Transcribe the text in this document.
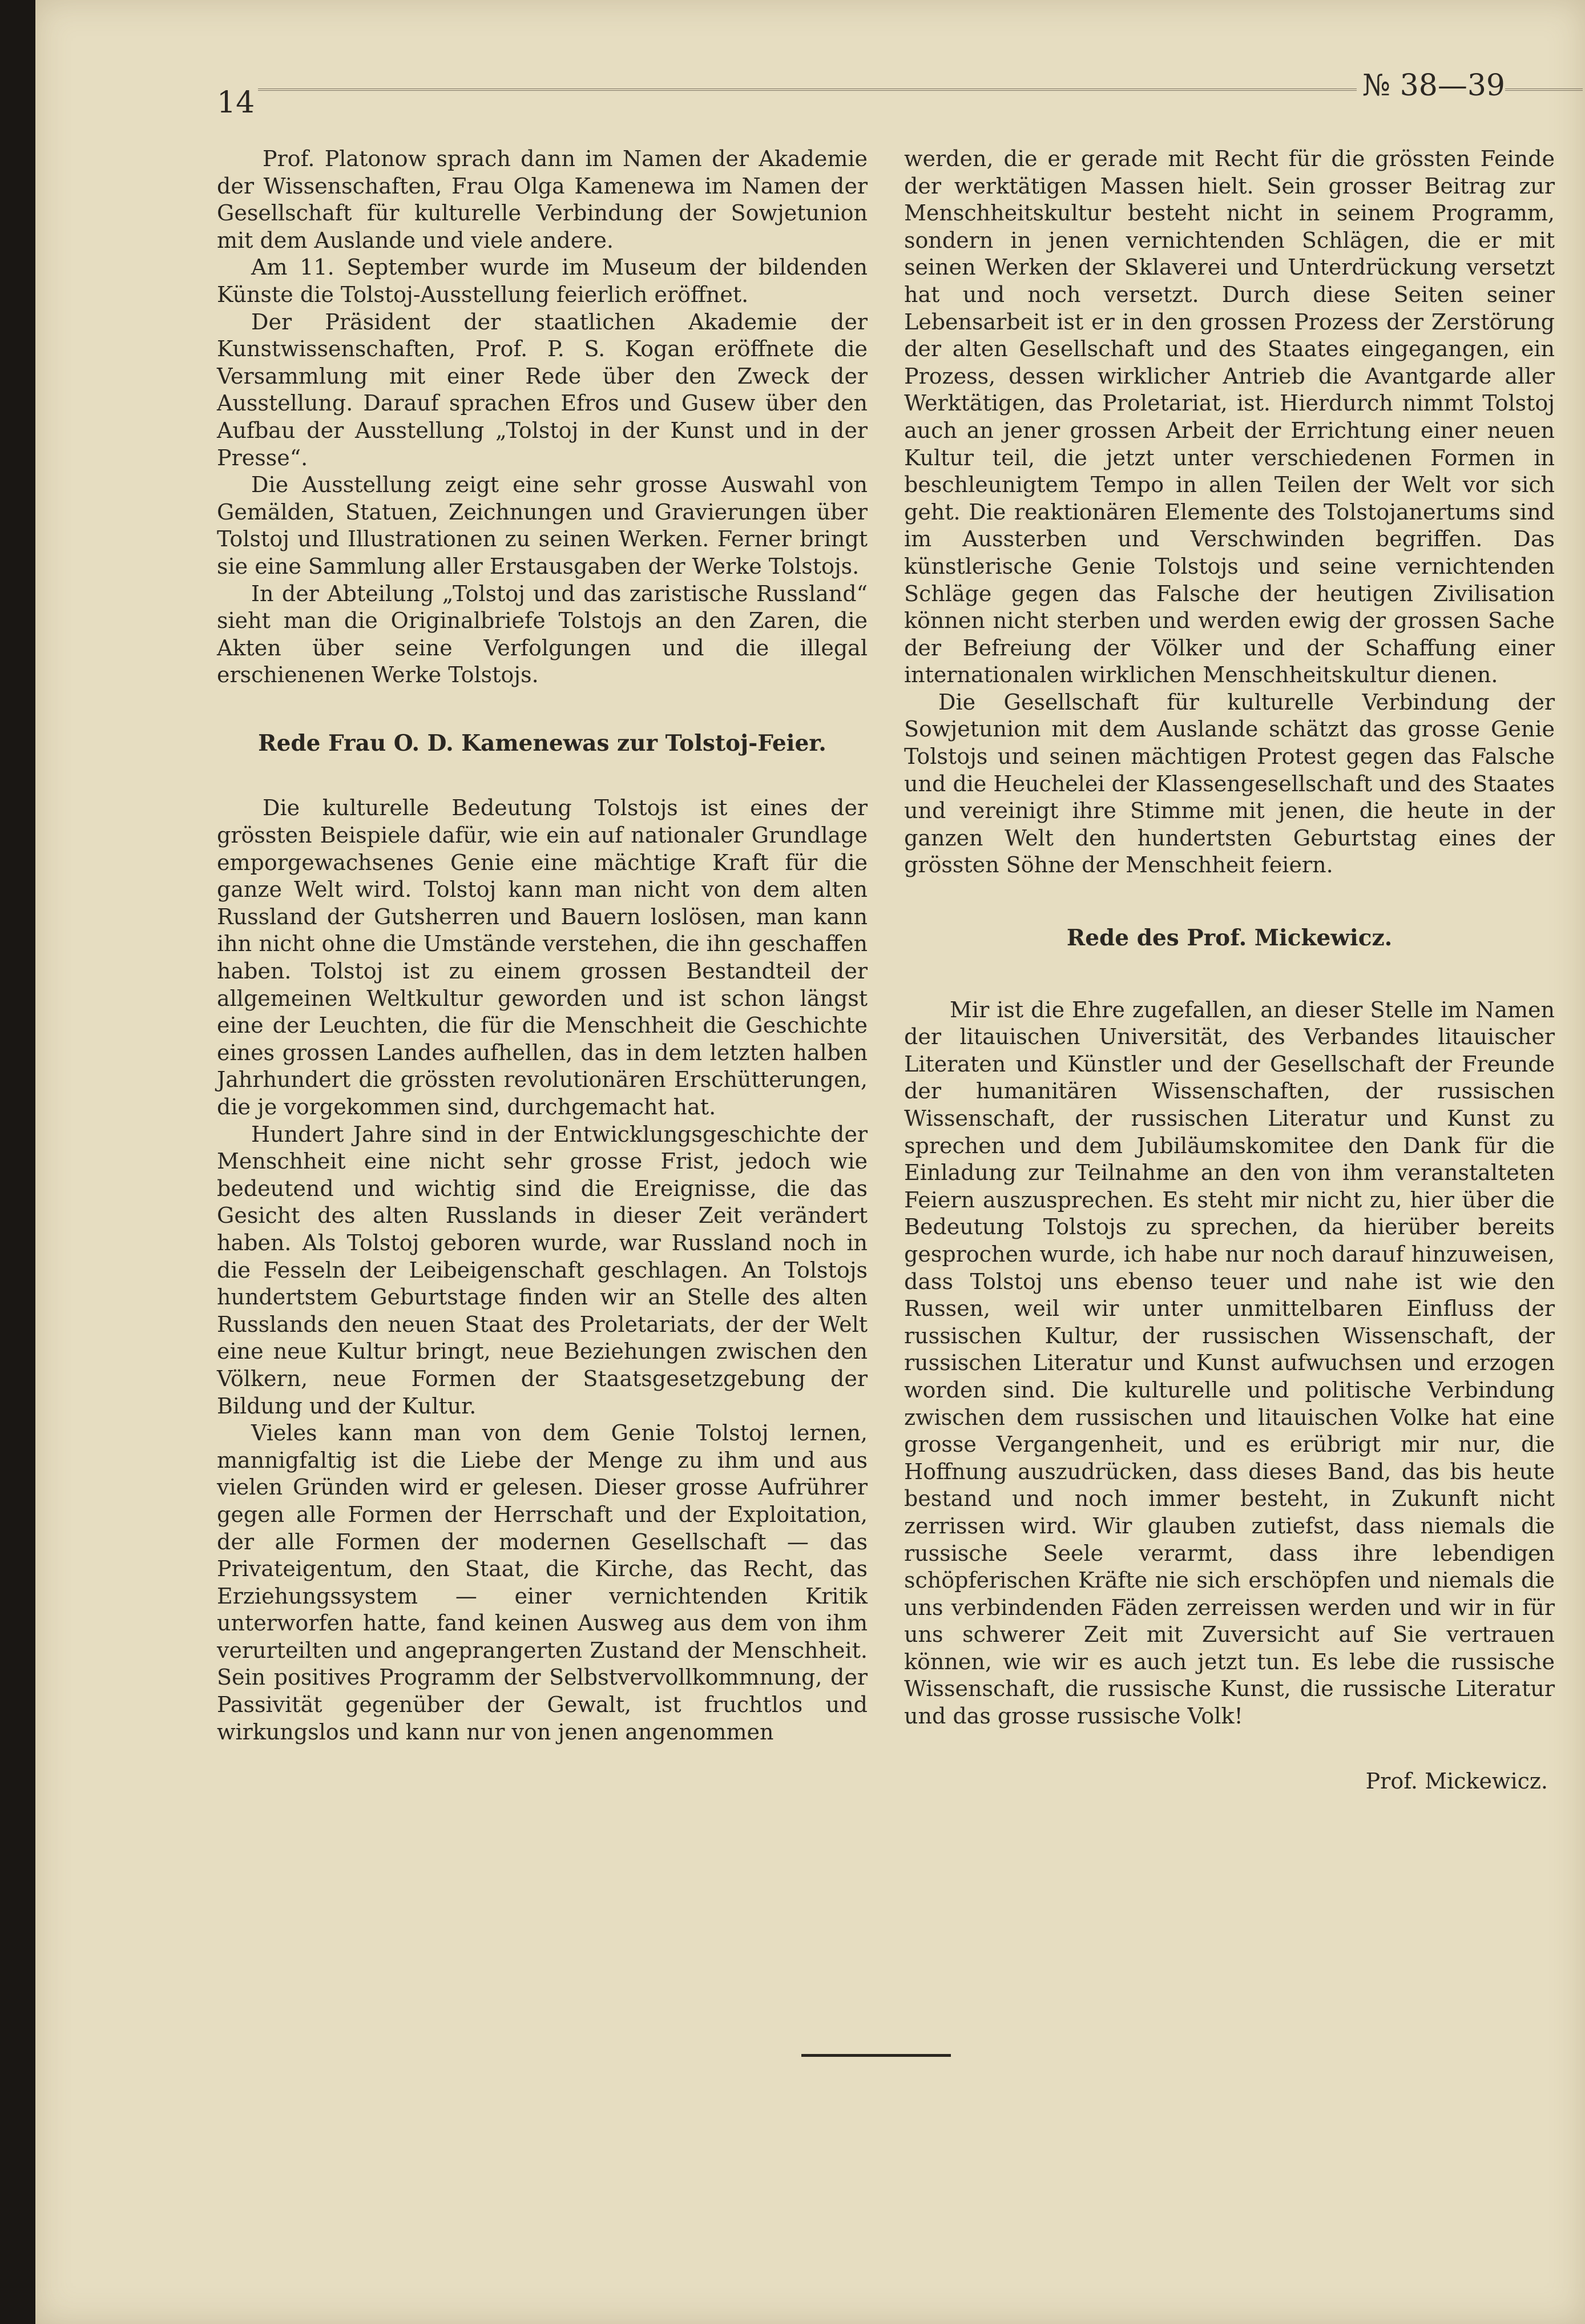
14	№ 38—39

Prof. Platonow sprach dann im Namen der Akademie der Wissenschaften, Frau Olga Kamenewa im Namen der Gesellschaft für kulturelle Verbindung der Sowjetunion mit dem Auslande und viele andere.

Am 11. September wurde im Museum der bildenden Künste die Tolstoj-Ausstellung feierlich eröffnet.

Der Präsident der staatlichen Akademie der Kunstwissenschaften, Prof. P. S. Kogan eröffnete die Versammlung mit einer Rede über den Zweck der Ausstellung. Darauf sprachen Efros und Gusew über den Aufbau der Ausstellung „Tolstoj in der Kunst und in der Presse“.

Die Ausstellung zeigt eine sehr grosse Auswahl von Gemälden, Statuen, Zeichnungen und Gravierungen über Tolstoj und Illustrationen zu seinen Werken. Ferner bringt sie eine Sammlung aller Erstausgaben der Werke Tolstojs.

In der Abteilung „Tolstoj und das zaristische Russland“ sieht man die Originalbriefe Tolstojs an den Zaren, die Akten über seine Verfolgungen und die illegal erschienenen Werke Tolstojs.

Rede Frau O. D. Kamenewas zur Tolstoj-Feier.

Die kulturelle Bedeutung Tolstojs ist eines der grössten Beispiele dafür, wie ein auf nationaler Grundlage emporgewachsenes Genie eine mächtige Kraft für die ganze Welt wird. Tolstoj kann man nicht von dem alten Russland der Gutsherren und Bauern loslösen, man kann ihn nicht ohne die Umstände verstehen, die ihn geschaffen haben. Tolstoj ist zu einem grossen Bestandteil der allgemeinen Weltkultur geworden und ist schon längst eine der Leuchten, die für die Menschheit die Geschichte eines grossen Landes aufhellen, das in dem letzten halben Jahrhundert die grössten revolutionären Erschütterungen, die je vorgekommen sind, durchgemacht hat.

Hundert Jahre sind in der Entwicklungsgeschichte der Menschheit eine nicht sehr grosse Frist, jedoch wie bedeutend und wichtig sind die Ereignisse, die das Gesicht des alten Russlands in dieser Zeit verändert haben. Als Tolstoj geboren wurde, war Russland noch in die Fesseln der Leibeigenschaft geschlagen. An Tolstojs hundertstem Geburtstage finden wir an Stelle des alten Russlands den neuen Staat des Proletariats, der der Welt eine neue Kultur bringt, neue Beziehungen zwischen den Völkern, neue Formen der Staatsgesetzgebung der Bildung und der Kultur.

Vieles kann man von dem Genie Tolstoj lernen, mannigfaltig ist die Liebe der Menge zu ihm und aus vielen Gründen wird er gelesen. Dieser grosse Aufrührer gegen alle Formen der Herrschaft und der Exploitation, der alle Formen der modernen Gesellschaft — das Privateigentum, den Staat, die Kirche, das Recht, das Erziehungssystem — einer vernichtenden Kritik unterworfen hatte, fand keinen Ausweg aus dem von ihm verurteilten und angeprangerten Zustand der Menschheit. Sein positives Programm der Selbstvervollkommnung, der Passivität gegenüber der Gewalt, ist fruchtlos und wirkungslos und kann nur von jenen angenommen

werden, die er gerade mit Recht für die grössten Feinde der werktätigen Massen hielt. Sein grosser Beitrag zur Menschheitskultur besteht nicht in seinem Programm, sondern in jenen vernichtenden Schlägen, die er mit seinen Werken der Sklaverei und Unterdrückung versetzt hat und noch versetzt. Durch diese Seiten seiner Lebensarbeit ist er in den grossen Prozess der Zerstörung der alten Gesellschaft und des Staates eingegangen, ein Prozess, dessen wirklicher Antrieb die Avantgarde aller Werktätigen, das Proletariat, ist. Hierdurch nimmt Tolstoj auch an jener grossen Arbeit der Errichtung einer neuen Kultur teil, die jetzt unter verschiedenen Formen in beschleunigtem Tempo in allen Teilen der Welt vor sich geht. Die reaktionären Elemente des Tolstojanertums sind im Aussterben und Verschwinden begriffen. Das künstlerische Genie Tolstojs und seine vernichtenden Schläge gegen das Falsche der heutigen Zivilisation können nicht sterben und werden ewig der grossen Sache der Befreiung der Völker und der Schaffung einer internationalen wirklichen Menschheitskultur dienen.

Die Gesellschaft für kulturelle Verbindung der Sowjetunion mit dem Auslande schätzt das grosse Genie Tolstojs und seinen mächtigen Protest gegen das Falsche und die Heuchelei der Klassengesellschaft und des Staates und vereinigt ihre Stimme mit jenen, die heute in der ganzen Welt den hundertsten Geburtstag eines der grössten Söhne der Menschheit feiern.

Rede des Prof. Mickewicz.

Mir ist die Ehre zugefallen, an dieser Stelle im Namen der litauischen Universität, des Verbandes litauischer Literaten und Künstler und der Gesellschaft der Freunde der humanitären Wissenschaften, der russischen Wissenschaft, der russischen Literatur und Kunst zu sprechen und dem Jubiläumskomitee den Dank für die Einladung zur Teilnahme an den von ihm veranstalteten Feiern auszusprechen. Es steht mir nicht zu, hier über die Bedeutung Tolstojs zu sprechen, da hierüber bereits gesprochen wurde, ich habe nur noch darauf hinzuweisen, dass Tolstoj uns ebenso teuer und nahe ist wie den Russen, weil wir unter unmittelbaren Einfluss der russischen Kultur, der russischen Wissenschaft, der russischen Literatur und Kunst aufwuchsen und erzogen worden sind. Die kulturelle und politische Verbindung zwischen dem russischen und litauischen Volke hat eine grosse Vergangenheit, und es erübrigt mir nur, die Hoffnung auszudrücken, dass dieses Band, das bis heute bestand und noch immer besteht, in Zukunft nicht zerrissen wird. Wir glauben zutiefst, dass niemals die russische Seele verarmt, dass ihre lebendigen schöpferischen Kräfte nie sich erschöpfen und niemals die uns verbindenden Fäden zerreissen werden und wir in für uns schwerer Zeit mit Zuversicht auf Sie vertrauen können, wie wir es auch jetzt tun. Es lebe die russische Wissenschaft, die russische Kunst, die russische Literatur und das grosse russische Volk!

Prof. Mickewicz.
